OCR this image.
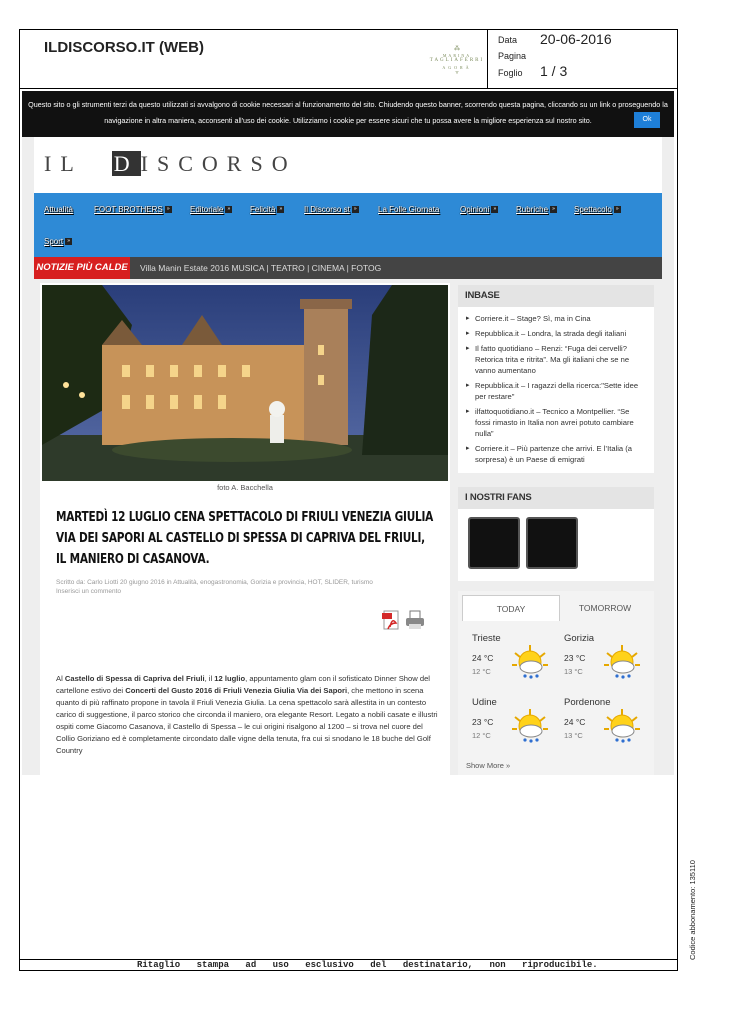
ILDISCORSO.IT (WEB)	⁂
MARINA
TAGLIAFERRI
AGORÀ
▿
Data 20-06-2016
Pagina
Foglio 1 / 3
Questo sito o gli strumenti terzi da questo utilizzati si avvalgono di cookie necessari al funzionamento del sito. Chiudendo questo banner, scorrendo questa pagina, cliccando su un link o proseguendo la navigazione in altra maniera, acconsenti all'uso dei cookie. Utilizziamo i cookie per essere sicuri che tu possa avere la migliore esperienza sul nostro sito.	Ok
IL DISCORSO
Attualità	FOOT BROTHERS »	Editoriale » Felicità »	Il Discorso st »	La Folle Giornata	Opinioni » Rubriche » Spettacolo »
Sport »
NOTIZIE PIÙ CALDE Villa Manin Estate 2016 MUSICA | TEATRO | CINEMA | FOTOG
foto A. Bacchella
MARTEDÌ 12 LUGLIO CENA SPETTACOLO DI FRIULI VENEZIA GIULIA VIA DEI SAPORI AL CASTELLO DI SPESSA DI CAPRIVA DEL FRIULI, IL MANIERO DI CASANOVA.
Scritto da: Carlo Liotti 20 giugno 2016 in Attualità, enogastronomia, Gorizia e provincia, HOT, SLIDER, turismo
Inserisci un commento

Al Castello di Spessa di Capriva del Friuli, il 12 luglio, appuntamento glam con il sofisticato Dinner Show del cartellone estivo dei Concerti del Gusto 2016 di Friuli Venezia Giulia Via dei Sapori, che mettono in scena quanto di più raffinato propone in tavola il Friuli Venezia Giulia. La cena spettacolo sarà allestita in un contesto carico di suggestione, il parco storico che circonda il maniero, ora elegante Resort. Legato a nobili casate e illustri ospiti come Giacomo Casanova, il Castello di Spessa – le cui origini risalgono al 1200 – si trova nel cuore del Collio Goriziano ed è completamente circondato dalle vigne della tenuta, fra cui si snodano le 18 buche del Golf Country

INBASE
▸ Corriere.it – Stage? Sì, ma in Cina
▸ Repubblica.it – Londra, la strada degli italiani
▸ Il fatto quotidiano – Renzi: “Fuga dei cervelli? Retorica trita e ritrita”. Ma gli italiani che se ne vanno aumentano
▸ Repubblica.it – I ragazzi della ricerca:"Sette idee per restare"
▸ ilfattoquotidiano.it – Tecnico a Montpellier. “Se fossi rimasto in Italia non avrei potuto cambiare nulla”
▸ Corriere.it – Più partenze che arrivi. E l’Italia (a sorpresa) è un Paese di emigrati
I NOSTRI FANS
TODAY	TOMORROW
Trieste
24 °C
12 °C
Gorizia
23 °C
13 °C
Udine
23 °C
12 °C
Pordenone
24 °C
13 °C
Show More »
Ritaglio stampa ad uso esclusivo del destinatario, non riproducibile.
Codice abbonamento: 135110
